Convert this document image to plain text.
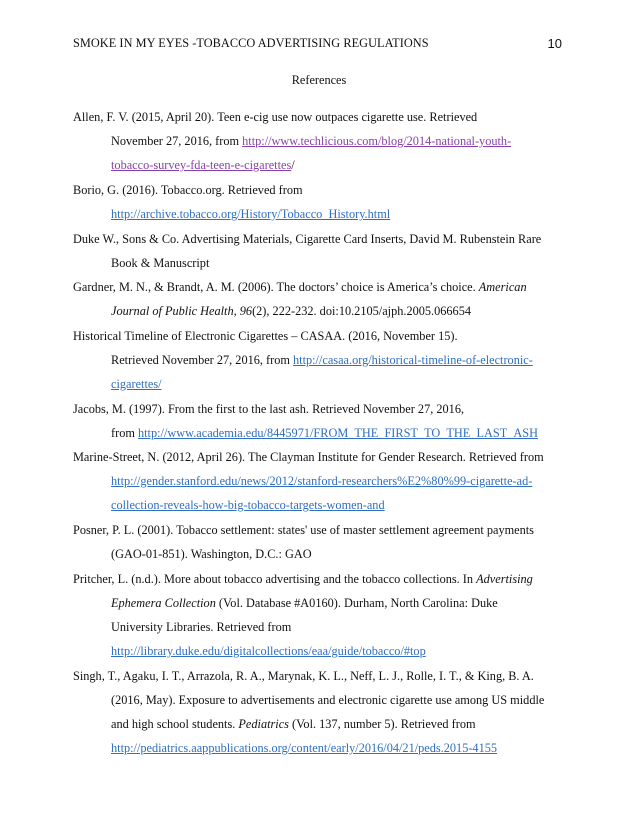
SMOKE IN MY EYES -TOBACCO ADVERTISING REGULATIONS	10
References
Allen, F. V. (2015, April 20). Teen e-cig use now outpaces cigarette use. Retrieved
November 27, 2016, from http://www.techlicious.com/blog/2014-national-youth-
tobacco-survey-fda-teen-e-cigarettes/
Borio, G. (2016). Tobacco.org. Retrieved from
http://archive.tobacco.org/History/Tobacco_History.html
Duke W., Sons & Co. Advertising Materials, Cigarette Card Inserts, David M. Rubenstein Rare
Book & Manuscript
Gardner, M. N., & Brandt, A. M. (2006). The doctors’ choice is America’s choice. American
Journal of Public Health, 96(2), 222-232. doi:10.2105/ajph.2005.066654
Historical Timeline of Electronic Cigarettes – CASAA. (2016, November 15).
Retrieved November 27, 2016, from http://casaa.org/historical-timeline-of-electronic-
cigarettes/
Jacobs, M. (1997). From the first to the last ash. Retrieved November 27, 2016,
from http://www.academia.edu/8445971/FROM_THE_FIRST_TO_THE_LAST_ASH
Marine-Street, N. (2012, April 26). The Clayman Institute for Gender Research. Retrieved from
http://gender.stanford.edu/news/2012/stanford-researchers%E2%80%99-cigarette-ad-
collection-reveals-how-big-tobacco-targets-women-and
Posner, P. L. (2001). Tobacco settlement: states' use of master settlement agreement payments
(GAO-01-851). Washington, D.C.: GAO
Pritcher, L. (n.d.). More about tobacco advertising and the tobacco collections. In Advertising
Ephemera Collection (Vol. Database #A0160). Durham, North Carolina: Duke
University Libraries. Retrieved from
http://library.duke.edu/digitalcollections/eaa/guide/tobacco/#top
Singh, T., Agaku, I. T., Arrazola, R. A., Marynak, K. L., Neff, L. J., Rolle, I. T., & King, B. A.
(2016, May). Exposure to advertisements and electronic cigarette use among US middle
and high school students. Pediatrics (Vol. 137, number 5). Retrieved from
http://pediatrics.aappublications.org/content/early/2016/04/21/peds.2015-4155
